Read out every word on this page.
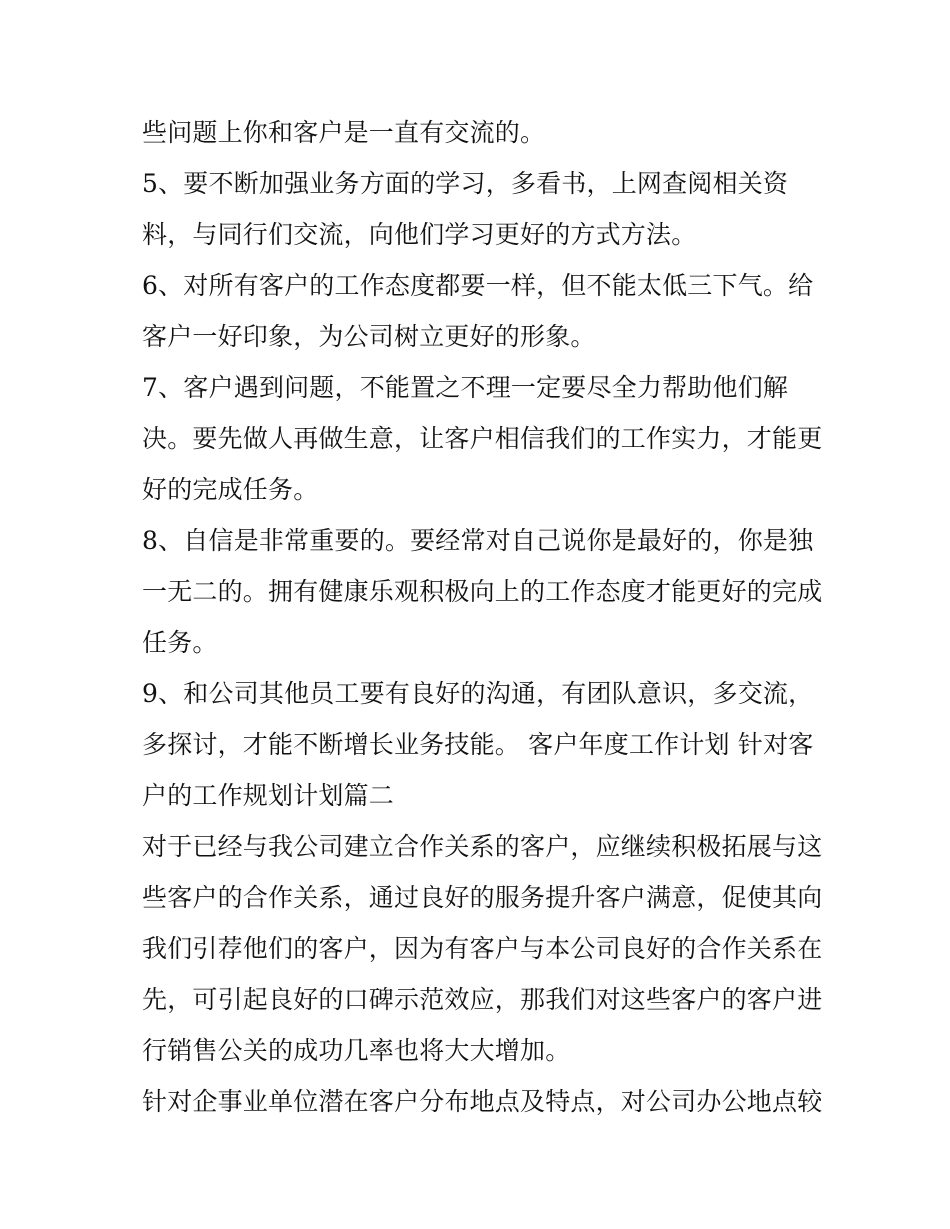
些问题上你和客户是一直有交流的。
5、要不断加强业务方面的学习，多看书，上网查阅相关资
料，与同行们交流，向他们学习更好的方式方法。
6、对所有客户的工作态度都要一样，但不能太低三下气。给
客户一好印象，为公司树立更好的形象。
7、客户遇到问题，不能置之不理一定要尽全力帮助他们解
决。要先做人再做生意，让客户相信我们的工作实力，才能更
好的完成任务。
8、自信是非常重要的。要经常对自己说你是最好的，你是独
一无二的。拥有健康乐观积极向上的工作态度才能更好的完成
任务。
9、和公司其他员工要有良好的沟通，有团队意识，多交流，
多探讨，才能不断增长业务技能。 客户年度工作计划 针对客
户的工作规划计划篇二
对于已经与我公司建立合作关系的客户，应继续积极拓展与这
些客户的合作关系，通过良好的服务提升客户满意，促使其向
我们引荐他们的客户，因为有客户与本公司良好的合作关系在
先，可引起良好的口碑示范效应，那我们对这些客户的客户进
行销售公关的成功几率也将大大增加。
针对企事业单位潜在客户分布地点及特点，对公司办公地点较
